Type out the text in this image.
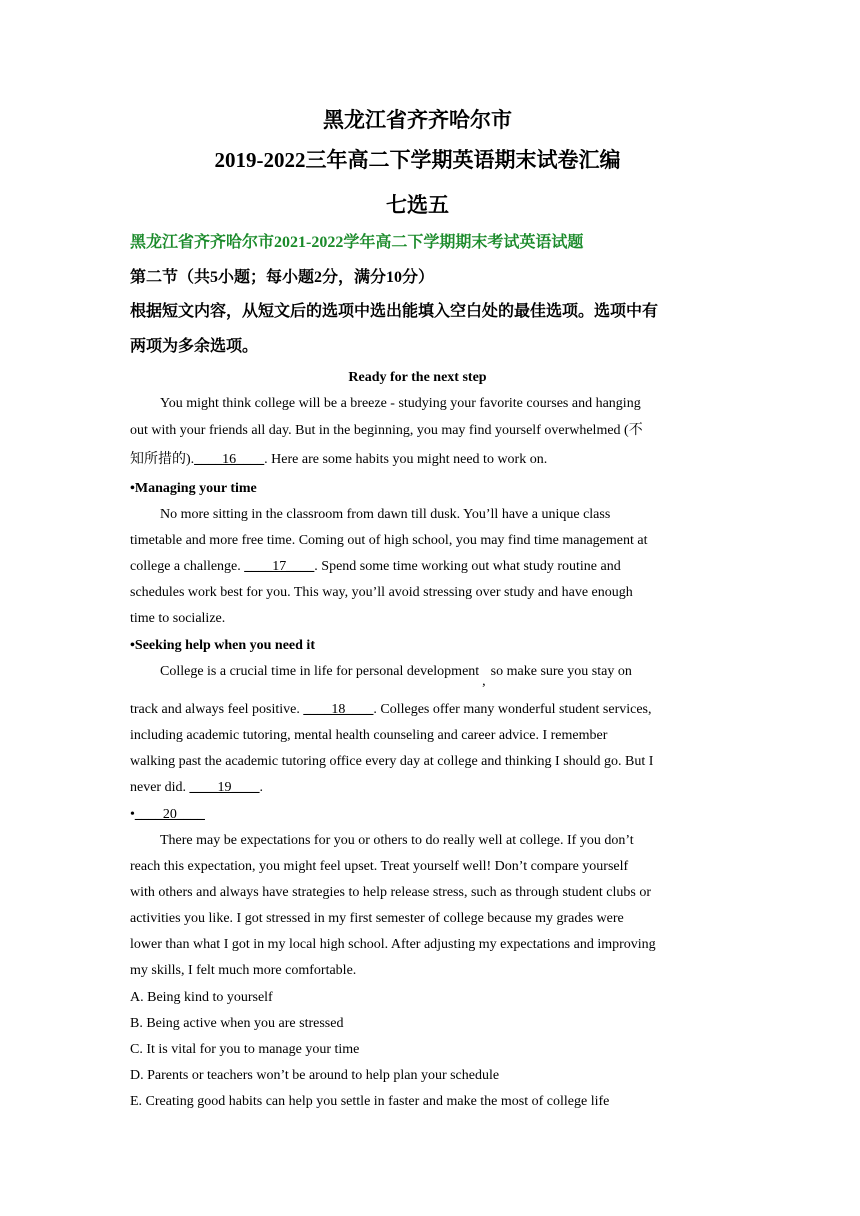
黑龙江省齐齐哈尔市
2019-2022三年高二下学期英语期末试卷汇编
七选五
黑龙江省齐齐哈尔市2021-2022学年高二下学期期末考试英语试题
第二节（共5小题；每小题2分，满分10分）
根据短文内容，从短文后的选项中选出能填入空白处的最佳选项。选项中有
两项为多余选项。
Ready for the next step
You might think college will be a breeze - studying your favorite courses and hanging
out with your friends all day. But in the beginning, you may find yourself overwhelmed (不
知所措的).____16____. Here are some habits you might need to work on.
•Managing your time
No more sitting in the classroom from dawn till dusk. You’ll have a unique class
timetable and more free time. Coming out of high school, you may find time management at
college a challenge. ____17____. Spend some time working out what study routine and
schedules work best for you. This way, you’ll avoid stressing over study and have enough
time to socialize.
•Seeking help when you need it
College is a crucial time in life for personal development,so make sure you stay on
track and always feel positive. ____18____. Colleges offer many wonderful student services,
including academic tutoring, mental health counseling and career advice. I remember
walking past the academic tutoring office every day at college and thinking I should go. But I
never did. ____19____.
•____20____
There may be expectations for you or others to do really well at college. If you don’t
reach this expectation, you might feel upset. Treat yourself well! Don’t compare yourself
with others and always have strategies to help release stress, such as through student clubs or
activities you like. I got stressed in my first semester of college because my grades were
lower than what I got in my local high school. After adjusting my expectations and improving
my skills, I felt much more comfortable.
A. Being kind to yourself
B. Being active when you are stressed
C. It is vital for you to manage your time
D. Parents or teachers won’t be around to help plan your schedule
E. Creating good habits can help you settle in faster and make the most of college life
